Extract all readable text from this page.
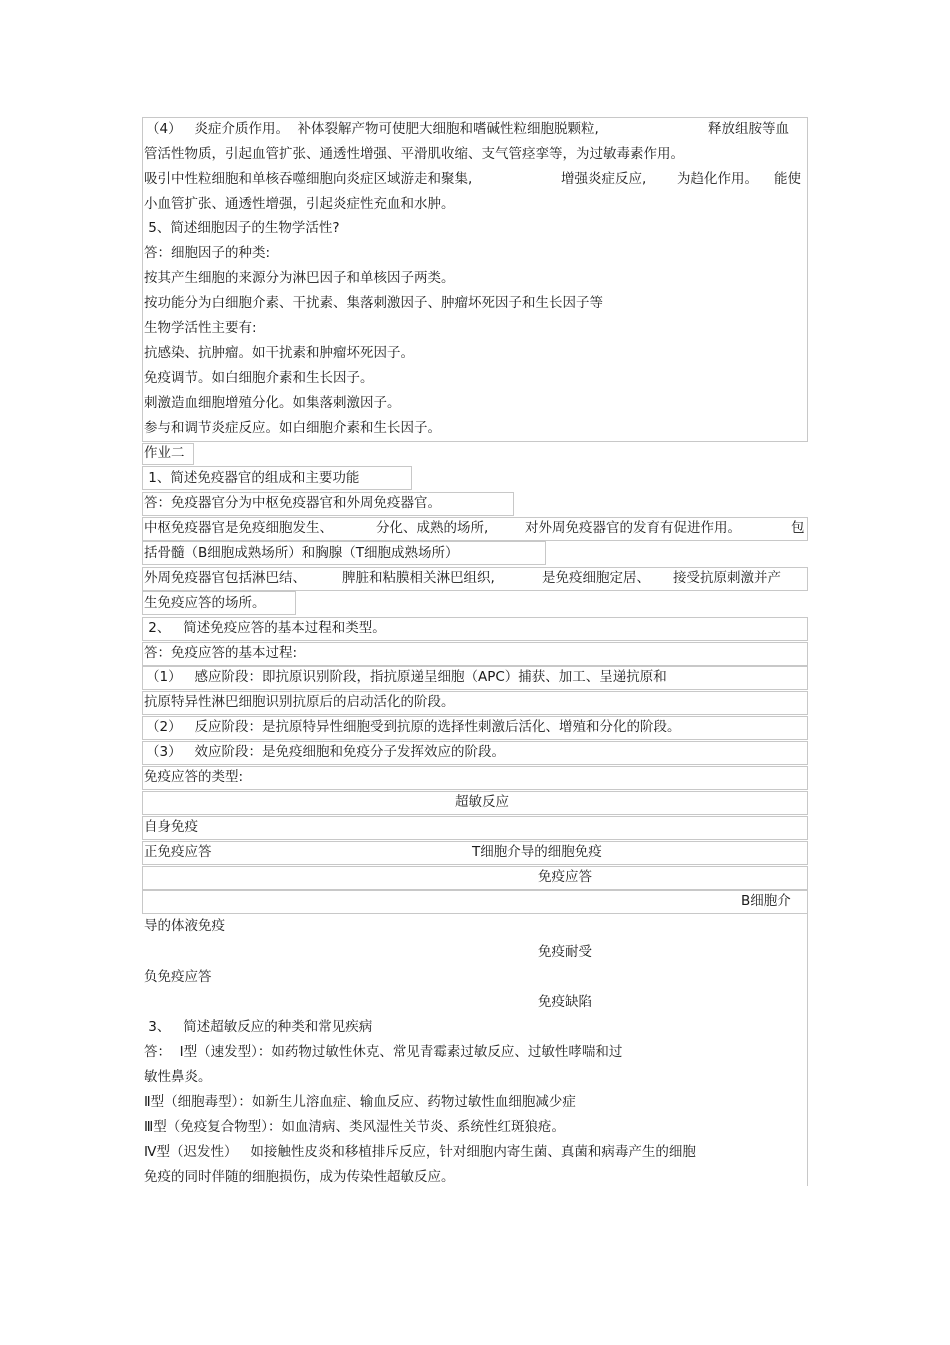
（4）   炎症介质作用。  补体裂解产物可使肥大细胞和嗜碱性粒细胞脱颗粒,	释放组胺等血
管活性物质，引起血管扩张、通透性增强、平滑肌收缩、支气管痉挛等，为过敏毒素作用。
吸引中性粒细胞和单核吞噬细胞向炎症区域游走和聚集,	增强炎症反应, 为趋化作用。 能使
小血管扩张、通透性增强，引起炎症性充血和水肿。
5、简述细胞因子的生物学活性?
答：细胞因子的种类:
按其产生细胞的来源分为淋巴因子和单核因子两类。
按功能分为白细胞介素、干扰素、集落刺激因子、肿瘤坏死因子和生长因子等
生物学活性主要有:
抗感染、抗肿瘤。如干扰素和肿瘤坏死因子。
免疫调节。如白细胞介素和生长因子。
刺激造血细胞增殖分化。如集落刺激因子。
参与和调节炎症反应。如白细胞介素和生长因子。
作业二
1、简述免疫器官的组成和主要功能
答：免疫器官分为中枢免疫器官和外周免疫器官。
中枢免疫器官是免疫细胞发生、	分化、成熟的场所,	对外周免疫器官的发育有促进作用。	包
括骨髓（B细胞成熟场所）和胸腺（T细胞成熟场所）
外周免疫器官包括淋巴结、	脾脏和粘膜相关淋巴组织,	是免疫细胞定居、 接受抗原刺激并产
生免疫应答的场所。
2、   简述免疫应答的基本过程和类型。
答：免疫应答的基本过程:
（1）   感应阶段：即抗原识别阶段，指抗原递呈细胞（APC）捕获、加工、呈递抗原和
抗原特异性淋巴细胞识别抗原后的启动活化的阶段。
（2）   反应阶段：是抗原特异性细胞受到抗原的选择性刺激后活化、增殖和分化的阶段。
（3）   效应阶段：是免疫细胞和免疫分子发挥效应的阶段。
免疫应答的类型:
超敏反应
自身免疫
正免疫应答	T细胞介导的细胞免疫
免疫应答
B细胞介
导的体液免疫
免疫耐受
负免疫应答
免疫缺陷
3、   简述超敏反应的种类和常见疾病
答：  I型（速发型）：如药物过敏性休克、常见青霉素过敏反应、过敏性哮喘和过
敏性鼻炎。
Ⅱ型（细胞毒型）：如新生儿溶血症、输血反应、药物过敏性血细胞减少症
Ⅲ型（免疫复合物型）：如血清病、类风湿性关节炎、系统性红斑狼疮。
Ⅳ型（迟发性）   如接触性皮炎和移植排斥反应，针对细胞内寄生菌、真菌和病毒产生的细胞
免疫的同时伴随的细胞损伤，成为传染性超敏反应。
